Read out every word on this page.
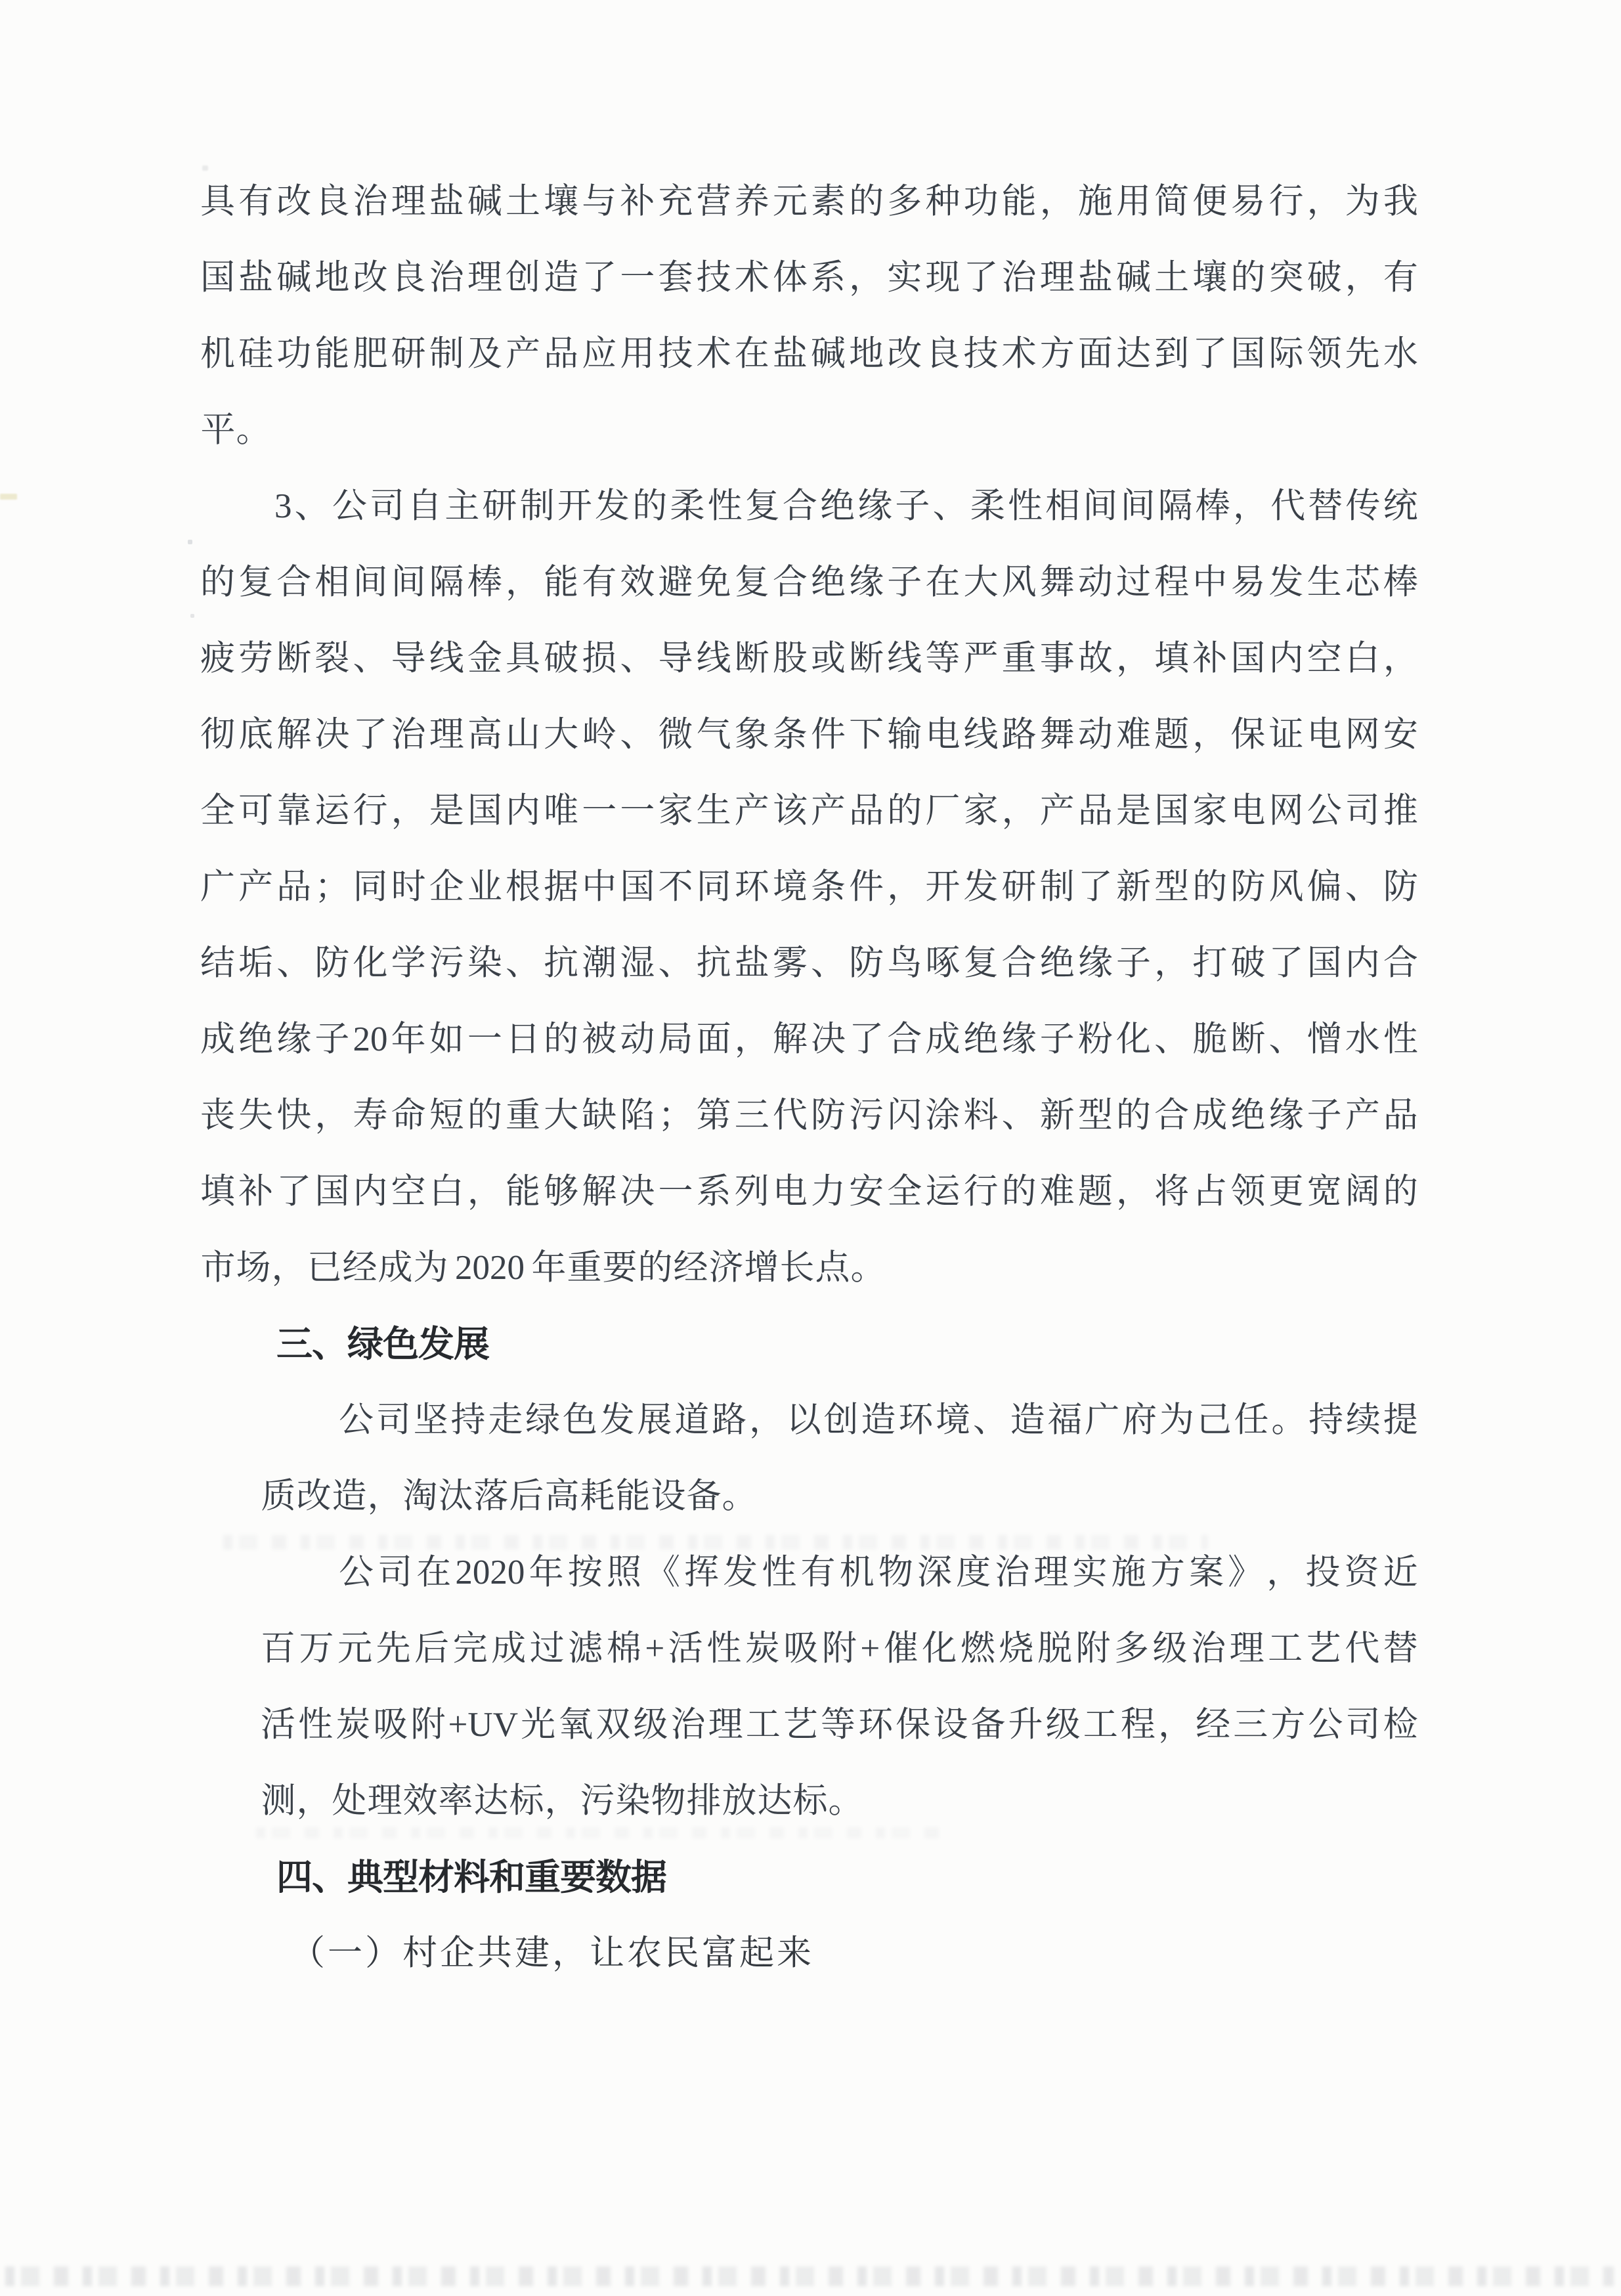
具 有 改 良 治 理 盐 碱 土 壤 与 补 充 营 养 元 素 的 多 种 功 能 ， 施 用 简 便 易 行 ， 为 我
国 盐 碱 地 改 良 治 理 创 造 了 一 套 技 术 体 系 ， 实 现 了 治 理 盐 碱 土 壤 的 突 破 ， 有
机 硅 功 能 肥 研 制 及 产 品 应 用 技 术 在 盐 碱 地 改 良 技 术 方 面 达 到 了 国 际 领 先 水
平。
3 、 公 司 自 主 研 制 开 发 的 柔 性 复 合 绝 缘 子 、 柔 性 相 间 间 隔 棒 ， 代 替 传 统
的 复 合 相 间 间 隔 棒 ， 能 有 效 避 免 复 合 绝 缘 子 在 大 风 舞 动 过 程 中 易 发 生 芯 棒
疲 劳 断 裂 、 导 线 金 具 破 损 、 导 线 断 股 或 断 线 等 严 重 事 故 ， 填 补 国 内 空 白 ，
彻 底 解 决 了 治 理 高 山 大 岭 、 微 气 象 条 件 下 输 电 线 路 舞 动 难 题 ， 保 证 电 网 安
全 可 靠 运 行 ， 是 国 内 唯 一 一 家 生 产 该 产 品 的 厂 家 ， 产 品 是 国 家 电 网 公 司 推
广 产 品 ； 同 时 企 业 根 据 中 国 不 同 环 境 条 件 ， 开 发 研 制 了 新 型 的 防 风 偏 、 防
结 垢 、 防 化 学 污 染 、 抗 潮 湿 、 抗 盐 雾 、 防 鸟 啄 复 合 绝 缘 子 ， 打 破 了 国 内 合
成 绝 缘 子 20 年 如 一 日 的 被 动 局 面 ， 解 决 了 合 成 绝 缘 子 粉 化 、 脆 断 、 憎 水 性
丧 失 快 ， 寿 命 短 的 重 大 缺 陷 ； 第 三 代 防 污 闪 涂 料 、 新 型 的 合 成 绝 缘 子 产 品
填 补 了 国 内 空 白 ， 能 够 解 决 一 系 列 电 力 安 全 运 行 的 难 题 ， 将 占 领 更 宽 阔 的
市场，已经成为 2020 年重要的经济增长点。
三、绿色发展
公 司 坚 持 走 绿 色 发 展 道 路 ， 以 创 造 环 境 、 造 福 广 府 为 己 任 。 持 续 提
质改造，淘汰落后高耗能设备。
公 司 在 2020 年 按 照 《 挥 发 性 有 机 物 深 度 治 理 实 施 方 案 》 ， 投 资 近
百 万 元 先 后 完 成 过 滤 棉 + 活 性 炭 吸 附 + 催 化 燃 烧 脱 附 多 级 治 理 工 艺 代 替
活 性 炭 吸 附 +UV 光 氧 双 级 治 理 工 艺 等 环 保 设 备 升 级 工 程 ， 经 三 方 公 司 检
测，处理效率达标，污染物排放达标。
四、典型材料和重要数据
（一）村企共建，让农民富起来
